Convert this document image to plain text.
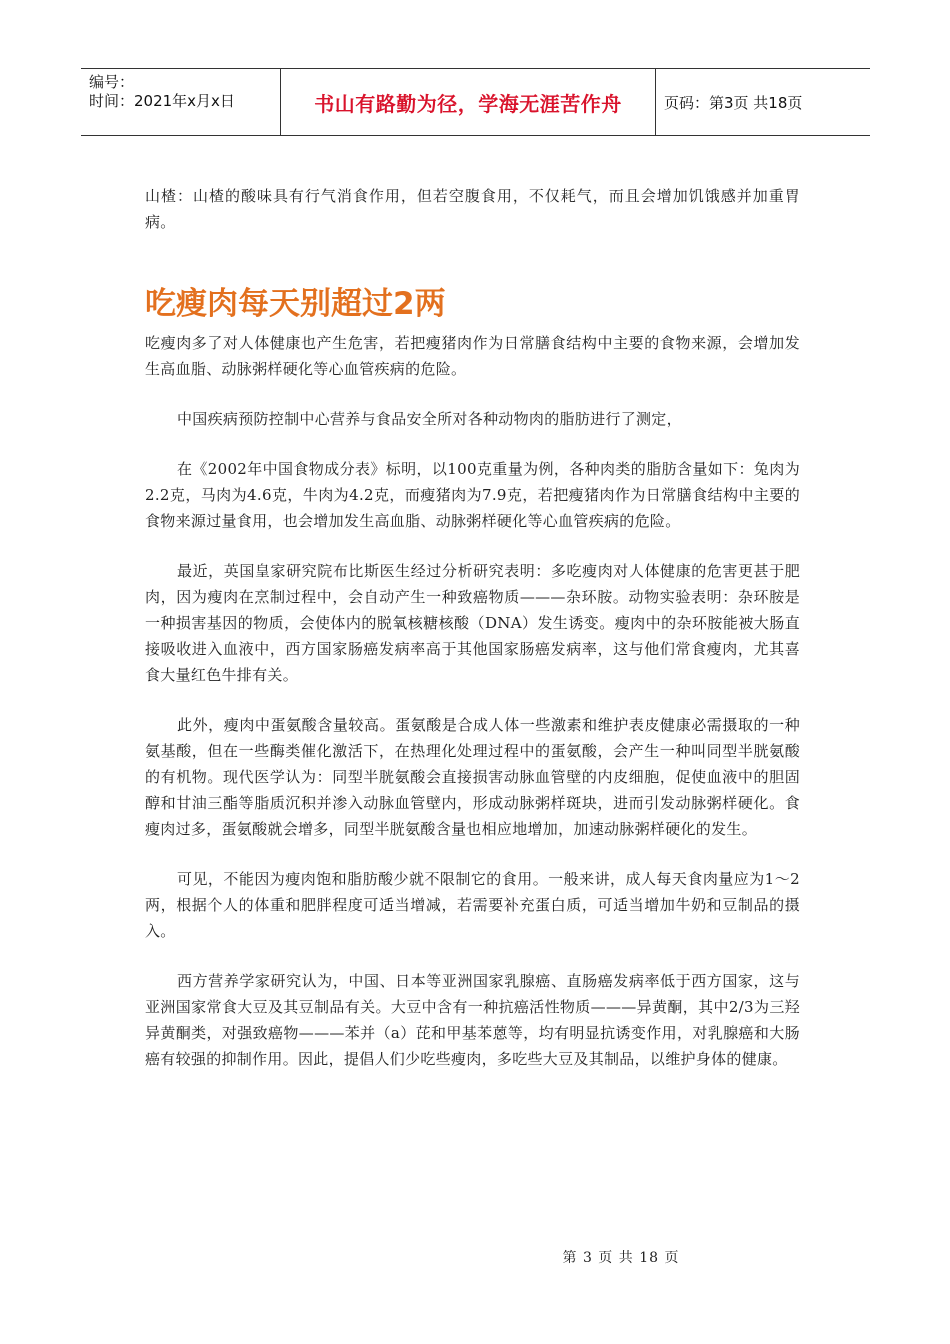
编号：
时间：2021年x月x日	书山有路勤为径，学海无涯苦作舟	页码：第3页 共18页

山楂：山楂的酸味具有行气消食作用，但若空腹食用，不仅耗气，而且会增加饥饿感并加重胃病。

吃瘦肉每天别超过2两

吃瘦肉多了对人体健康也产生危害，若把瘦猪肉作为日常膳食结构中主要的食物来源，会增加发生高血脂、动脉粥样硬化等心血管疾病的危险。

中国疾病预防控制中心营养与食品安全所对各种动物肉的脂肪进行了测定，

在《2002年中国食物成分表》标明，以100克重量为例，各种肉类的脂肪含量如下：兔肉为2.2克，马肉为4.6克，牛肉为4.2克，而瘦猪肉为7.9克，若把瘦猪肉作为日常膳食结构中主要的食物来源过量食用，也会增加发生高血脂、动脉粥样硬化等心血管疾病的危险。

最近，英国皇家研究院布比斯医生经过分析研究表明：多吃瘦肉对人体健康的危害更甚于肥肉，因为瘦肉在烹制过程中，会自动产生一种致癌物质———杂环胺。动物实验表明：杂环胺是一种损害基因的物质，会使体内的脱氧核糖核酸（DNA）发生诱变。瘦肉中的杂环胺能被大肠直接吸收进入血液中，西方国家肠癌发病率高于其他国家肠癌发病率，这与他们常食瘦肉，尤其喜食大量红色牛排有关。

此外，瘦肉中蛋氨酸含量较高。蛋氨酸是合成人体一些激素和维护表皮健康必需摄取的一种氨基酸，但在一些酶类催化激活下，在热理化处理过程中的蛋氨酸，会产生一种叫同型半胱氨酸的有机物。现代医学认为：同型半胱氨酸会直接损害动脉血管壁的内皮细胞，促使血液中的胆固醇和甘油三酯等脂质沉积并渗入动脉血管壁内，形成动脉粥样斑块，进而引发动脉粥样硬化。食瘦肉过多，蛋氨酸就会增多，同型半胱氨酸含量也相应地增加，加速动脉粥样硬化的发生。

可见，不能因为瘦肉饱和脂肪酸少就不限制它的食用。一般来讲，成人每天食肉量应为1～2两，根据个人的体重和肥胖程度可适当增减，若需要补充蛋白质，可适当增加牛奶和豆制品的摄入。

西方营养学家研究认为，中国、日本等亚洲国家乳腺癌、直肠癌发病率低于西方国家，这与亚洲国家常食大豆及其豆制品有关。大豆中含有一种抗癌活性物质———异黄酮，其中2/3为三羟异黄酮类，对强致癌物———苯并（a）芘和甲基苯蒽等，均有明显抗诱变作用，对乳腺癌和大肠癌有较强的抑制作用。因此，提倡人们少吃些瘦肉，多吃些大豆及其制品，以维护身体的健康。

第 3 页 共 18 页
